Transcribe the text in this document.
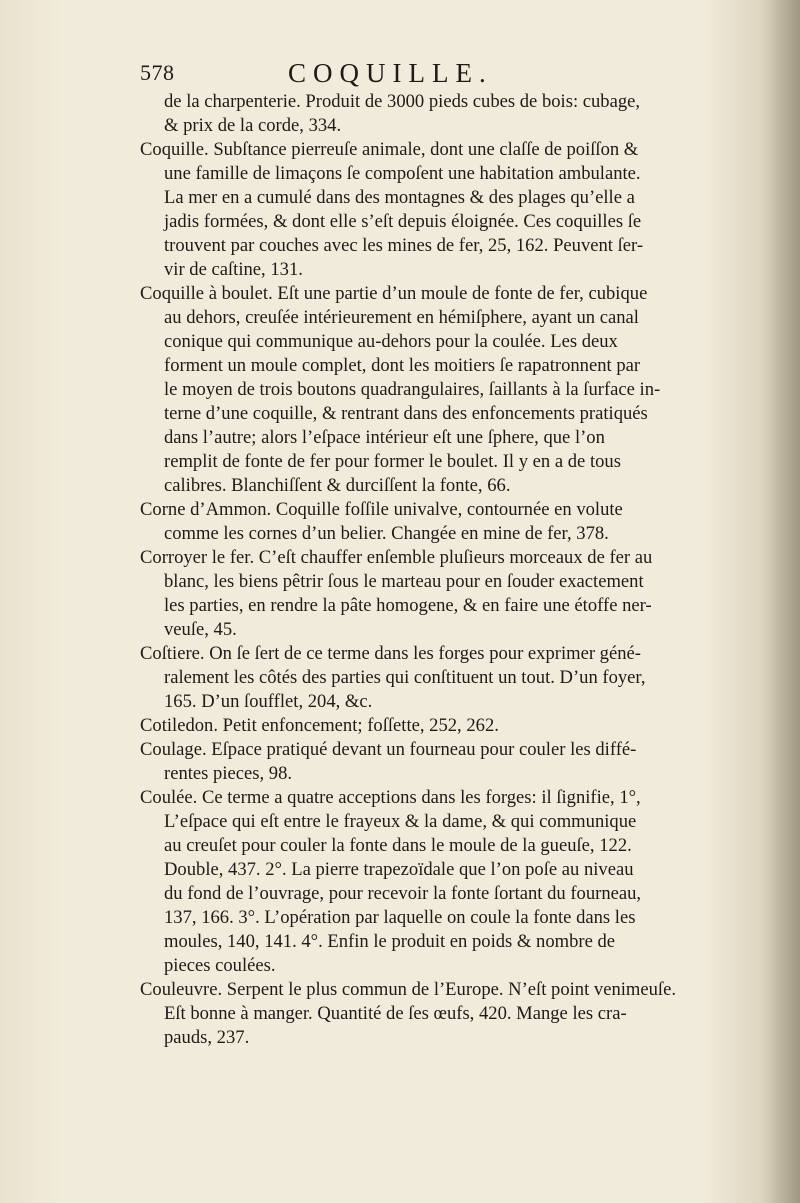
578	COQUILLE.
de la charpenterie. Produit de 3000 pieds cubes de bois: cubage,
& prix de la corde, 334.
Coquille. Subſtance pierreuſe animale, dont une claſſe de poiſſon &
une famille de limaçons ſe compoſent une habitation ambulante.
La mer en a cumulé dans des montagnes & des plages qu’elle a
jadis formées, & dont elle s’eſt depuis éloignée. Ces coquilles ſe
trouvent par couches avec les mines de fer, 25, 162. Peuvent ſer-
vir de caſtine, 131.
Coquille à boulet. Eſt une partie d’un moule de fonte de fer, cubique
au dehors, creuſée intérieurement en hémiſphere, ayant un canal
conique qui communique au-dehors pour la coulée. Les deux
forment un moule complet, dont les moitiers ſe rapatronnent par
le moyen de trois boutons quadrangulaires, ſaillants à la ſurface in-
terne d’une coquille, & rentrant dans des enfoncements pratiqués
dans l’autre; alors l’eſpace intérieur eſt une ſphere, que l’on
remplit de fonte de fer pour former le boulet. Il y en a de tous
calibres. Blanchiſſent & durciſſent la fonte, 66.
Corne d’Ammon. Coquille foſſile univalve, contournée en volute
comme les cornes d’un belier. Changée en mine de fer, 378.
Corroyer le fer. C’eſt chauffer enſemble pluſieurs morceaux de fer au
blanc, les biens pêtrir ſous le marteau pour en ſouder exactement
les parties, en rendre la pâte homogene, & en faire une étoffe ner-
veuſe, 45.
Coſtiere. On ſe ſert de ce terme dans les forges pour exprimer géné-
ralement les côtés des parties qui conſtituent un tout. D’un foyer,
165. D’un ſoufflet, 204, &c.
Cotiledon. Petit enfoncement; foſſette, 252, 262.
Coulage. Eſpace pratiqué devant un fourneau pour couler les diffé-
rentes pieces, 98.
Coulée. Ce terme a quatre acceptions dans les forges: il ſignifie, 1°,
L’eſpace qui eſt entre le frayeux & la dame, & qui communique
au creuſet pour couler la fonte dans le moule de la gueuſe, 122.
Double, 437. 2°. La pierre trapezoïdale que l’on poſe au niveau
du fond de l’ouvrage, pour recevoir la fonte ſortant du fourneau,
137, 166. 3°. L’opération par laquelle on coule la fonte dans les
moules, 140, 141. 4°. Enfin le produit en poids & nombre de
pieces coulées.
Couleuvre. Serpent le plus commun de l’Europe. N’eſt point venimeuſe.
Eſt bonne à manger. Quantité de ſes œufs, 420. Mange les cra-
pauds, 237.
